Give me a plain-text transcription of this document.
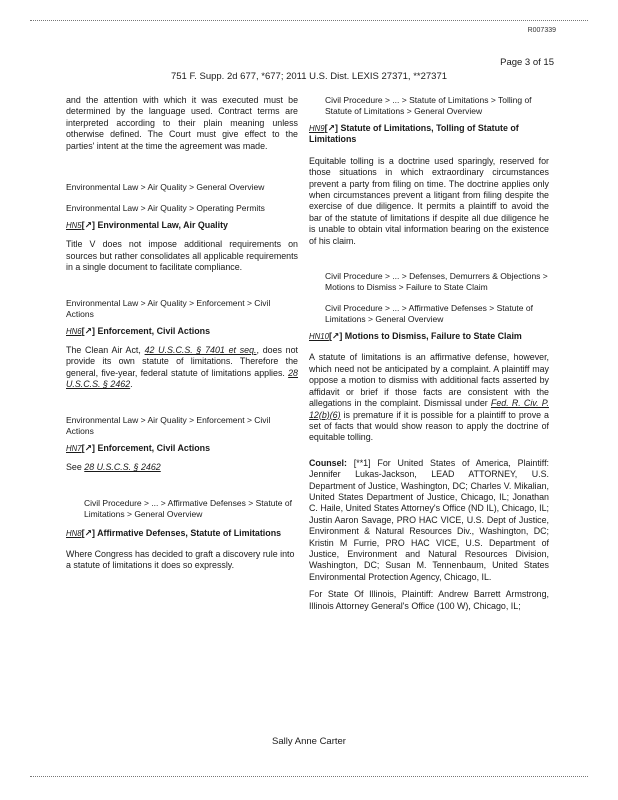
R007339
Page 3 of 15
751 F. Supp. 2d 677, *677; 2011 U.S. Dist. LEXIS 27371, **27371

and the attention with which it was executed must be determined by the language used. Contract terms are interpreted according to their plain meaning unless otherwise defined. The Court must give effect to the parties' intent at the time the agreement was made.

Environmental Law > Air Quality > General Overview
Environmental Law > Air Quality > Operating Permits
HN5[↗] Environmental Law, Air Quality

Title V does not impose additional requirements on sources but rather consolidates all applicable requirements in a single document to facilitate compliance.

Environmental Law > Air Quality > Enforcement > Civil Actions
HN6[↗] Enforcement, Civil Actions

The Clean Air Act, 42 U.S.C.S. § 7401 et seq., does not provide its own statute of limitations. Therefore the general, five-year, federal statute of limitations applies. 28 U.S.C.S. § 2462.

Environmental Law > Air Quality > Enforcement > Civil Actions
HN7[↗] Enforcement, Civil Actions

See 28 U.S.C.S. § 2462

Civil Procedure > ... > Affirmative Defenses > Statute of Limitations > General Overview
HN8[↗] Affirmative Defenses, Statute of Limitations

Where Congress has decided to graft a discovery rule into a statute of limitations it does so expressly.

Civil Procedure > ... > Statute of Limitations > Tolling of Statute of Limitations > General Overview
HN9[↗] Statute of Limitations, Tolling of Statute of Limitations

Equitable tolling is a doctrine used sparingly, reserved for those situations in which extraordinary circumstances prevent a party from filing on time. The doctrine applies only when circumstances prevent a litigant from filing despite the exercise of due diligence. It permits a plaintiff to avoid the bar of the statute of limitations if despite all due diligence he is unable to obtain vital information bearing on the existence of his claim.

Civil Procedure > ... > Defenses, Demurrers & Objections > Motions to Dismiss > Failure to State Claim
Civil Procedure > ... > Affirmative Defenses > Statute of Limitations > General Overview
HN10[↗] Motions to Dismiss, Failure to State Claim

A statute of limitations is an affirmative defense, however, which need not be anticipated by a complaint. A plaintiff may oppose a motion to dismiss with additional facts asserted by affidavit or brief if those facts are consistent with the allegations in the complaint. Dismissal under Fed. R. Civ. P. 12(b)(6) is premature if it is possible for a plaintiff to prove a set of facts that would show reason to apply the doctrine of equitable tolling.

Counsel: [**1] For United States of America, Plaintiff: Jennifer Lukas-Jackson, LEAD ATTORNEY, U.S. Department of Justice, Washington, DC; Charles V. Mikalian, United States Department of Justice, Chicago, IL; Jonathan C. Haile, United States Attorney's Office (ND IL), Chicago, IL; Justin Aaron Savage, PRO HAC VICE, U.S. Dept of Justice, Environment & Natural Resources Div., Washington, DC; Kristin M Furrie, PRO HAC VICE, U.S. Department of Justice, Environment and Natural Resources Division, Washington, DC; Susan M. Tennenbaum, United States Environmental Protection Agency, Chicago, IL.

For State Of Illinois, Plaintiff: Andrew Barrett Armstrong, Illinois Attorney General's Office (100 W), Chicago, IL;

Sally Anne Carter
